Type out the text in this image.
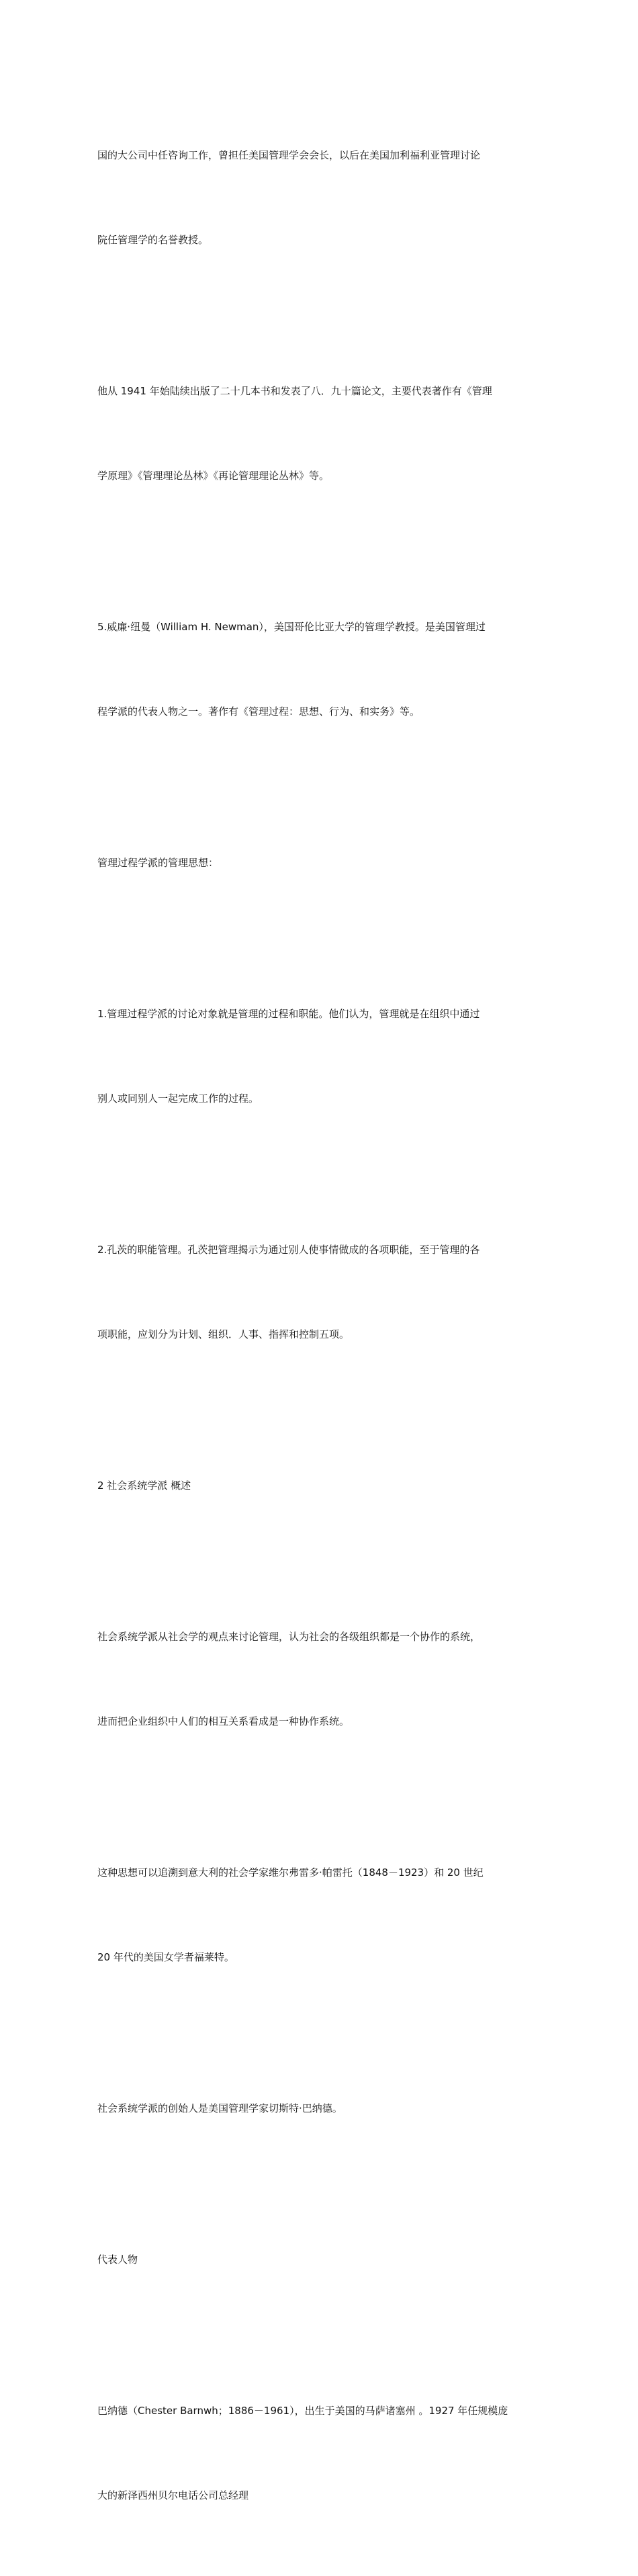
国的大公司中任咨询工作，曾担任美国管理学会会长，以后在美国加利福利亚管理讨论

院任管理学的名誉教授。

他从 1941 年始陆续出版了二十几本书和发表了八．九十篇论文，主要代表著作有《管理

学原理》《管理理论丛林》《再论管理理论丛林》等。

5.威廉·纽曼（William H. Newman），美国哥伦比亚大学的管理学教授。是美国管理过

程学派的代表人物之一。著作有《管理过程：思想、行为、和实务》等。

管理过程学派的管理思想：

1.管理过程学派的讨论对象就是管理的过程和职能。他们认为，管理就是在组织中通过

别人或同别人一起完成工作的过程。

2.孔茨的职能管理。孔茨把管理揭示为通过别人使事情做成的各项职能，至于管理的各

项职能，应划分为计划、组织．人事、指挥和控制五项。

2 社会系统学派 概述

社会系统学派从社会学的观点来讨论管理，认为社会的各级组织都是一个协作的系统，

进而把企业组织中人们的相互关系看成是一种协作系统。

这种思想可以追溯到意大利的社会学家维尔弗雷多·帕雷托（1848－1923）和 20 世纪

20 年代的美国女学者福莱特。

社会系统学派的创始人是美国管理学家切斯特·巴纳德。

代表人物

巴纳德（Chester Barnwh；1886－1961），出生于美国的马萨诸塞州 。1927 年任规模庞

大的新泽西州贝尔电话公司总经理
